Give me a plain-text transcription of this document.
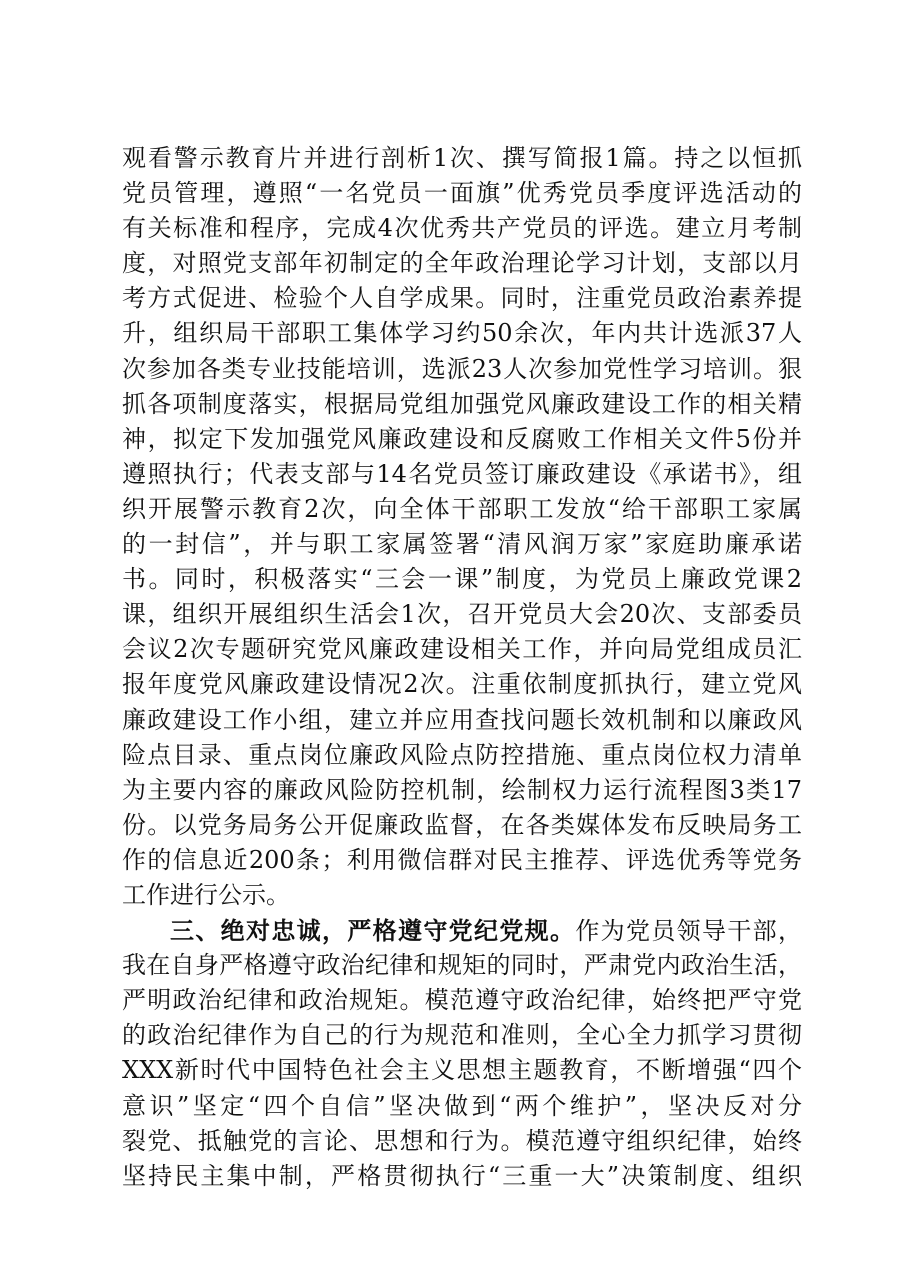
观看警示教育片并进行剖析1次、撰写简报1篇。持之以恒抓
党员管理，遵照“一名党员一面旗”优秀党员季度评选活动的
有关标准和程序，完成4次优秀共产党员的评选。建立月考制
度，对照党支部年初制定的全年政治理论学习计划，支部以月
考方式促进、检验个人自学成果。同时，注重党员政治素养提
升，组织局干部职工集体学习约50余次，年内共计选派37人
次参加各类专业技能培训，选派23人次参加党性学习培训。狠
抓各项制度落实，根据局党组加强党风廉政建设工作的相关精
神，拟定下发加强党风廉政建设和反腐败工作相关文件5份并
遵照执行；代表支部与14名党员签订廉政建设《承诺书》，组
织开展警示教育2次，向全体干部职工发放“给干部职工家属
的一封信”，并与职工家属签署“清风润万家”家庭助廉承诺
书。同时，积极落实“三会一课”制度，为党员上廉政党课2
课，组织开展组织生活会1次，召开党员大会20次、支部委员
会议2次专题研究党风廉政建设相关工作，并向局党组成员汇
报年度党风廉政建设情况2次。注重依制度抓执行，建立党风
廉政建设工作小组，建立并应用查找问题长效机制和以廉政风
险点目录、重点岗位廉政风险点防控措施、重点岗位权力清单
为主要内容的廉政风险防控机制，绘制权力运行流程图3类17
份。以党务局务公开促廉政监督，在各类媒体发布反映局务工
作的信息近200条；利用微信群对民主推荐、评选优秀等党务
工作进行公示。
三、绝对忠诚，严格遵守党纪党规。作为党员领导干部，
我在自身严格遵守政治纪律和规矩的同时，严肃党内政治生活，
严明政治纪律和政治规矩。模范遵守政治纪律，始终把严守党
的政治纪律作为自己的行为规范和准则，全心全力抓学习贯彻
XXX新时代中国特色社会主义思想主题教育，不断增强“四个
意识”坚定“四个自信”坚决做到“两个维护”，坚决反对分
裂党、抵触党的言论、思想和行为。模范遵守组织纪律，始终
坚持民主集中制，严格贯彻执行“三重一大”决策制度、组织
